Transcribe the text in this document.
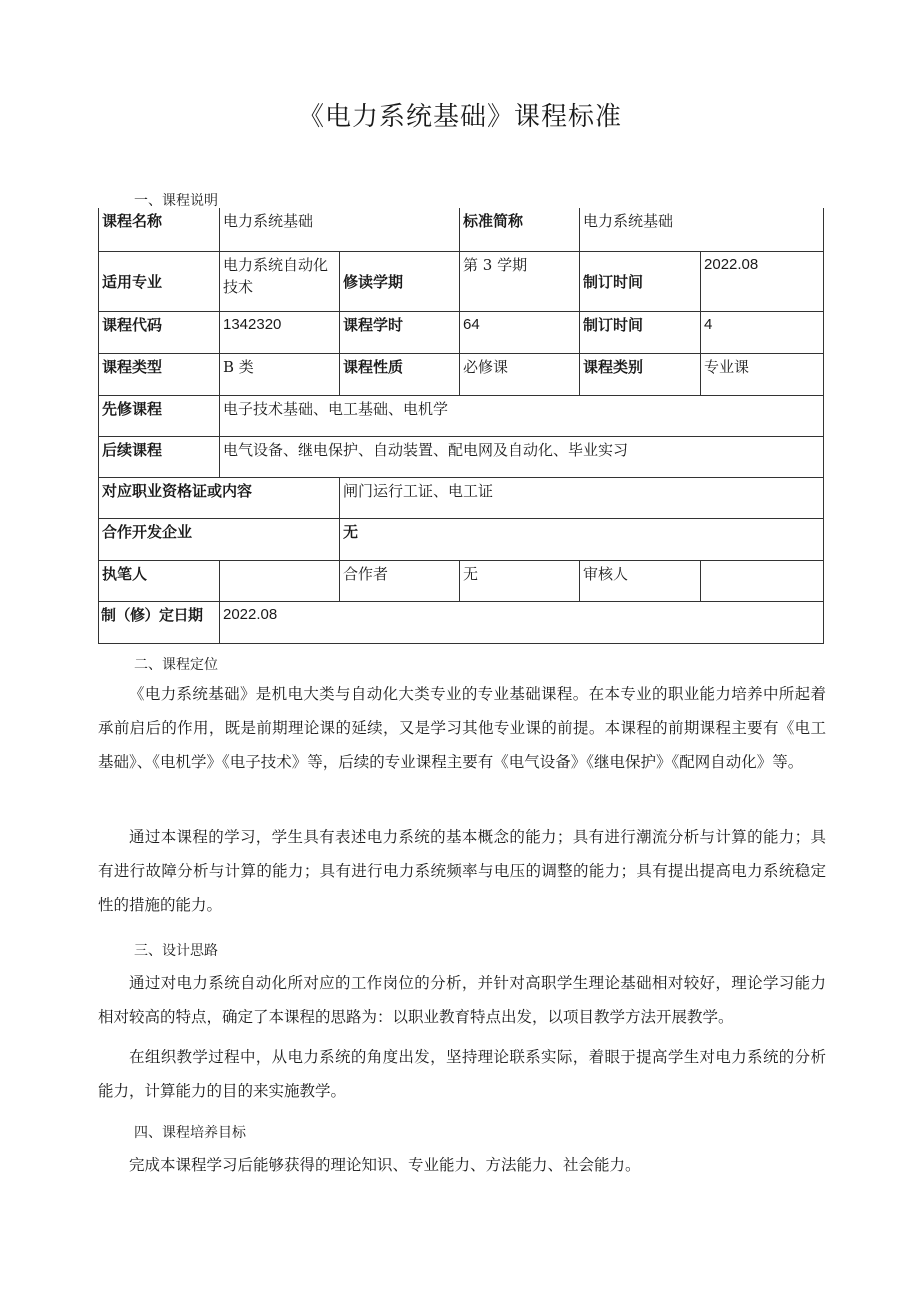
《电力系统基础》课程标准
一、课程说明
课程名称	电力系统基础		标准简称	电力系统基础	
适用专业	电力系统自动化技术	修读学期	第 3 学期	制订时间	2022.08
课程代码	1342320	课程学时	64	制订时间	4
课程类型	B 类	课程性质	必修课	课程类别	专业课
先修课程	电子技术基础、电工基础、电机学				
后续课程	电气设备、继电保护、自动装置、配电网及自动化、毕业实习				
对应职业资格证或内容		闸门运行工证、电工证			
合作开发企业		无			
执笔人		合作者	无	审核人	
制（修）定日期	2022.08				
二、课程定位

《电力系统基础》是机电大类与自动化大类专业的专业基础课程。在本专业的职业能力培养中所起着承前启后的作用，既是前期理论课的延续，又是学习其他专业课的前提。本课程的前期课程主要有《电工基础》、《电机学》《电子技术》等，后续的专业课程主要有《电气设备》《继电保护》《配网自动化》等。

通过本课程的学习，学生具有表述电力系统的基本概念的能力；具有进行潮流分析与计算的能力；具有进行故障分析与计算的能力；具有进行电力系统频率与电压的调整的能力；具有提出提高电力系统稳定性的措施的能力。

三、设计思路

通过对电力系统自动化所对应的工作岗位的分析，并针对高职学生理论基础相对较好，理论学习能力相对较高的特点，确定了本课程的思路为：以职业教育特点出发，以项目教学方法开展教学。

在组织教学过程中，从电力系统的角度出发，坚持理论联系实际，着眼于提高学生对电力系统的分析能力，计算能力的目的来实施教学。

四、课程培养目标

完成本课程学习后能够获得的理论知识、专业能力、方法能力、社会能力。
